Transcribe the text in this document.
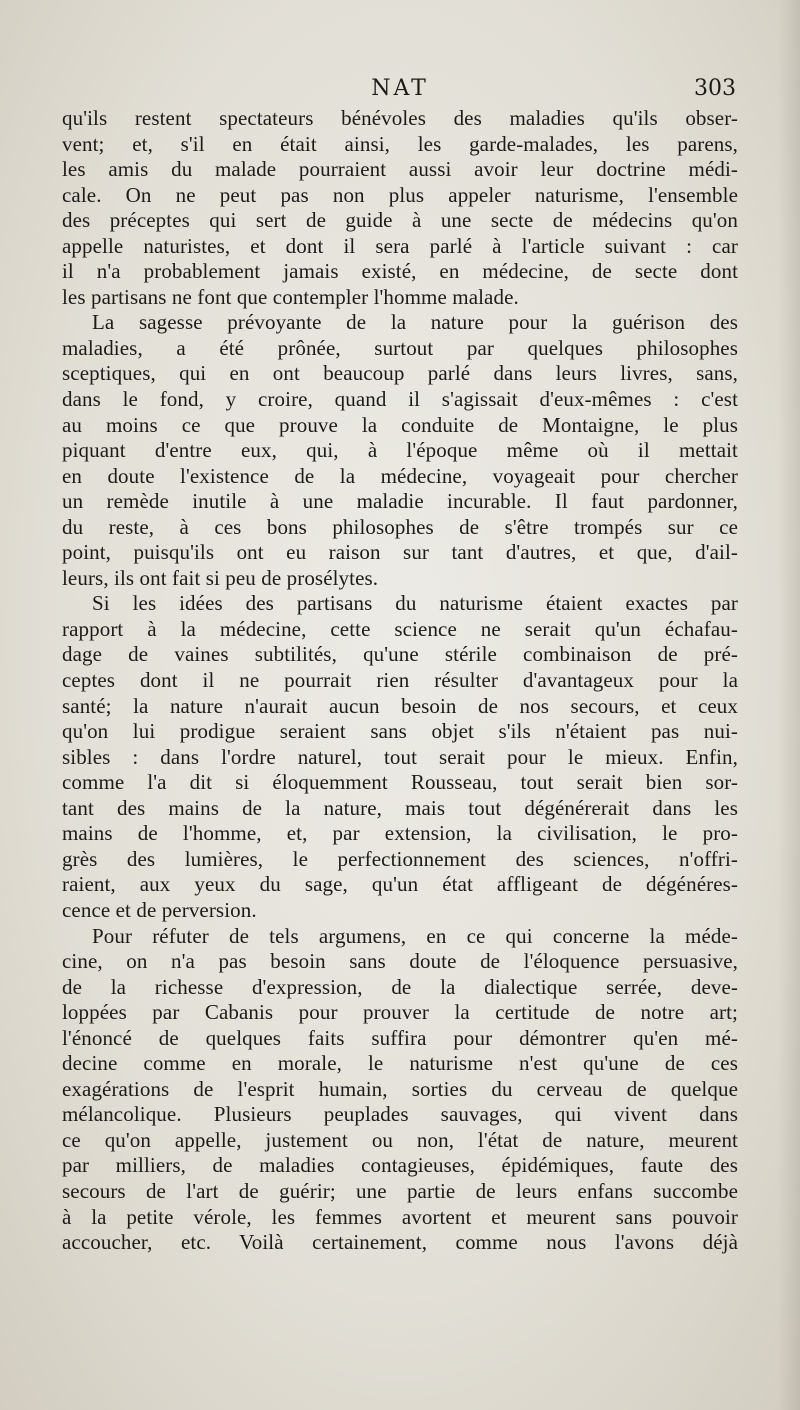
NAT	303
qu'ils restent spectateurs bénévoles des maladies qu'ils obser-
vent; et, s'il en était ainsi, les garde-malades, les parens,
les amis du malade pourraient aussi avoir leur doctrine médi-
cale. On ne peut pas non plus appeler naturisme, l'ensemble
des préceptes qui sert de guide à une secte de médecins qu'on
appelle naturistes, et dont il sera parlé à l'article suivant : car
il n'a probablement jamais existé, en médecine, de secte dont
les partisans ne font que contempler l'homme malade.
La sagesse prévoyante de la nature pour la guérison des
maladies, a été prônée, surtout par quelques philosophes
sceptiques, qui en ont beaucoup parlé dans leurs livres, sans,
dans le fond, y croire, quand il s'agissait d'eux-mêmes : c'est
au moins ce que prouve la conduite de Montaigne, le plus
piquant d'entre eux, qui, à l'époque même où il mettait
en doute l'existence de la médecine, voyageait pour chercher
un remède inutile à une maladie incurable. Il faut pardonner,
du reste, à ces bons philosophes de s'être trompés sur ce
point, puisqu'ils ont eu raison sur tant d'autres, et que, d'ail-
leurs, ils ont fait si peu de prosélytes.
Si les idées des partisans du naturisme étaient exactes par
rapport à la médecine, cette science ne serait qu'un échafau-
dage de vaines subtilités, qu'une stérile combinaison de pré-
ceptes dont il ne pourrait rien résulter d'avantageux pour la
santé; la nature n'aurait aucun besoin de nos secours, et ceux
qu'on lui prodigue seraient sans objet s'ils n'étaient pas nui-
sibles : dans l'ordre naturel, tout serait pour le mieux. Enfin,
comme l'a dit si éloquemment Rousseau, tout serait bien sor-
tant des mains de la nature, mais tout dégénérerait dans les
mains de l'homme, et, par extension, la civilisation, le pro-
grès des lumières, le perfectionnement des sciences, n'offri-
raient, aux yeux du sage, qu'un état affligeant de dégénéres-
cence et de perversion.
Pour réfuter de tels argumens, en ce qui concerne la méde-
cine, on n'a pas besoin sans doute de l'éloquence persuasive,
de la richesse d'expression, de la dialectique serrée, deve-
loppées par Cabanis pour prouver la certitude de notre art;
l'énoncé de quelques faits suffira pour démontrer qu'en mé-
decine comme en morale, le naturisme n'est qu'une de ces
exagérations de l'esprit humain, sorties du cerveau de quelque
mélancolique. Plusieurs peuplades sauvages, qui vivent dans
ce qu'on appelle, justement ou non, l'état de nature, meurent
par milliers, de maladies contagieuses, épidémiques, faute des
secours de l'art de guérir; une partie de leurs enfans succombe
à la petite vérole, les femmes avortent et meurent sans pouvoir
accoucher, etc. Voilà certainement, comme nous l'avons déjà
